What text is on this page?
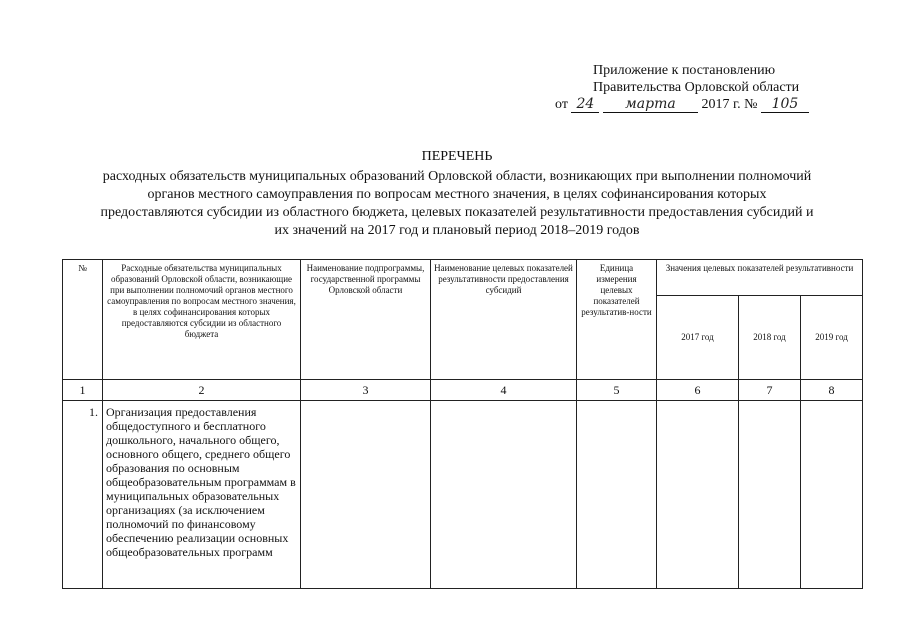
Приложение к постановлению
Правительства Орловской области
от 24 марта 2017 г. № 105
ПЕРЕЧЕНЬ
расходных обязательств муниципальных образований Орловской области, возникающих при выполнении полномочий
органов местного самоуправления по вопросам местного значения, в целях софинансирования которых
предоставляются субсидии из областного бюджета, целевых показателей результативности предоставления субсидий и
их значений на 2017 год и плановый период 2018–2019 годов
№	Расходные обязательства муниципальных образований Орловской области, возникающие при выполнении полномочий органов местного самоуправления по вопросам местного значения, в целях софинансирования которых предоставляются субсидии из областного бюджета	Наименование подпрограммы, государственной программы Орловской области	Наименование целевых показателей результативности предоставления субсидий	Единица измерения целевых показателей результатив-ности	Значения целевых показателей результативности		
					2017 год	2018 год	2019 год
1	2	3	4	5	6	7	8
1.	Организация предоставления общедоступного и бесплатного дошкольного, начального общего, основного общего, среднего общего образования по основным общеобразовательным программам в муниципальных образовательных организациях (за исключением полномочий по финансовому обеспечению реализации основных общеобразовательных программ						
